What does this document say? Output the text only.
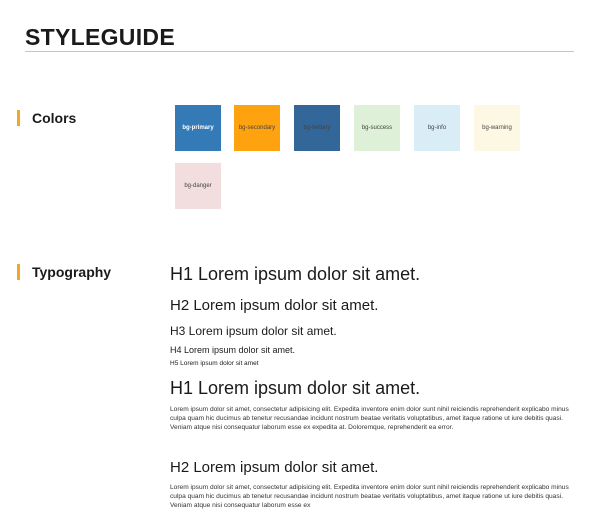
STYLEGUIDE
Colors
bg-primary	bg-secondary	bg-tertiary	bg-success	bg-info	bg-warning
bg-danger
Typography	H1 Lorem ipsum dolor sit amet.
H2 Lorem ipsum dolor sit amet.
H3 Lorem ipsum dolor sit amet.
H4 Lorem ipsum dolor sit amet.
H5 Lorem ipsum dolor sit amet
H1 Lorem ipsum dolor sit amet.
Lorem ipsum dolor sit amet, consectetur adipisicing elit. Expedita inventore enim dolor sunt nihil reiciendis reprehenderit explicabo minus culpa quam hic ducimus ab tenetur recusandae incidunt nostrum beatae veritatis voluptatibus, amet itaque ratione ut iure debitis quasi. Veniam atque nisi consequatur laborum esse ex expedita at. Doloremque, reprehenderit ea error.
H2 Lorem ipsum dolor sit amet.
Lorem ipsum dolor sit amet, consectetur adipisicing elit. Expedita inventore enim dolor sunt nihil reiciendis reprehenderit explicabo minus culpa quam hic ducimus ab tenetur recusandae incidunt nostrum beatae veritatis voluptatibus, amet itaque ratione ut iure debitis quasi. Veniam atque nisi consequatur laborum esse ex
